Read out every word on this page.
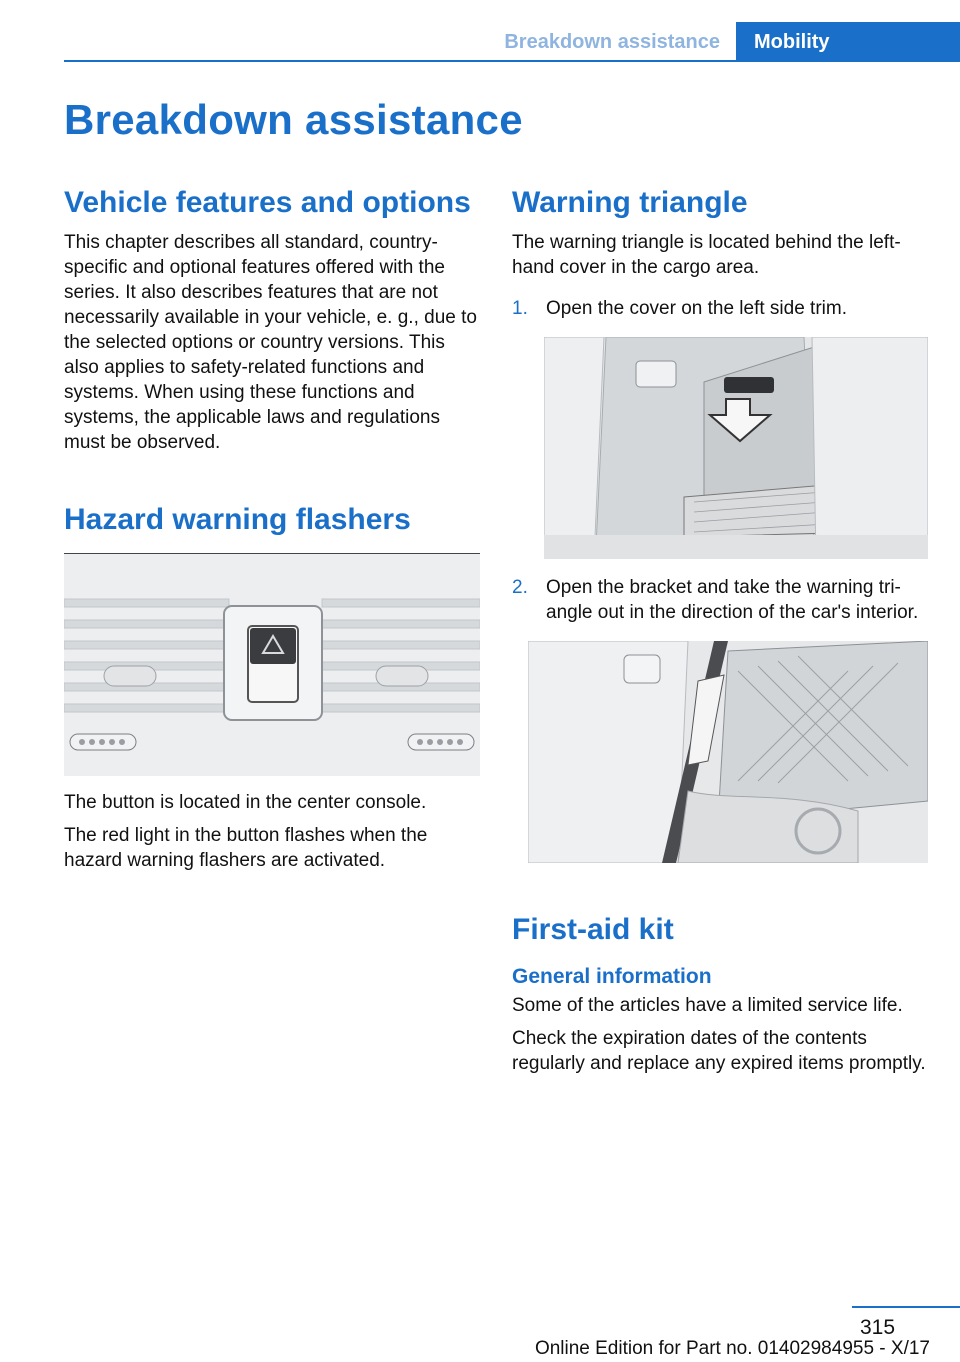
Breakdown assistance	Mobility
Breakdown assistance
Vehicle features and options

This chapter describes all standard, country-specific and optional features offered with the series. It also describes features that are not necessarily available in your vehicle, e. g., due to the selected options or country versions. This also applies to safety-related functions and systems. When using these functions and systems, the applicable laws and regulations must be observed.

Hazard warning flashers

The button is located in the center console.

The red light in the button flashes when the hazard warning flashers are activated.

Warning triangle

The warning triangle is located behind the left-hand cover in the cargo area.

1. Open the cover on the left side trim.
2. Open the bracket and take the warning triangle out in the direction of the car's interior.
First-aid kit
General information

Some of the articles have a limited service life.

Check the expiration dates of the contents regularly and replace any expired items promptly.

315
Online Edition for Part no. 01402984955 - X/17
